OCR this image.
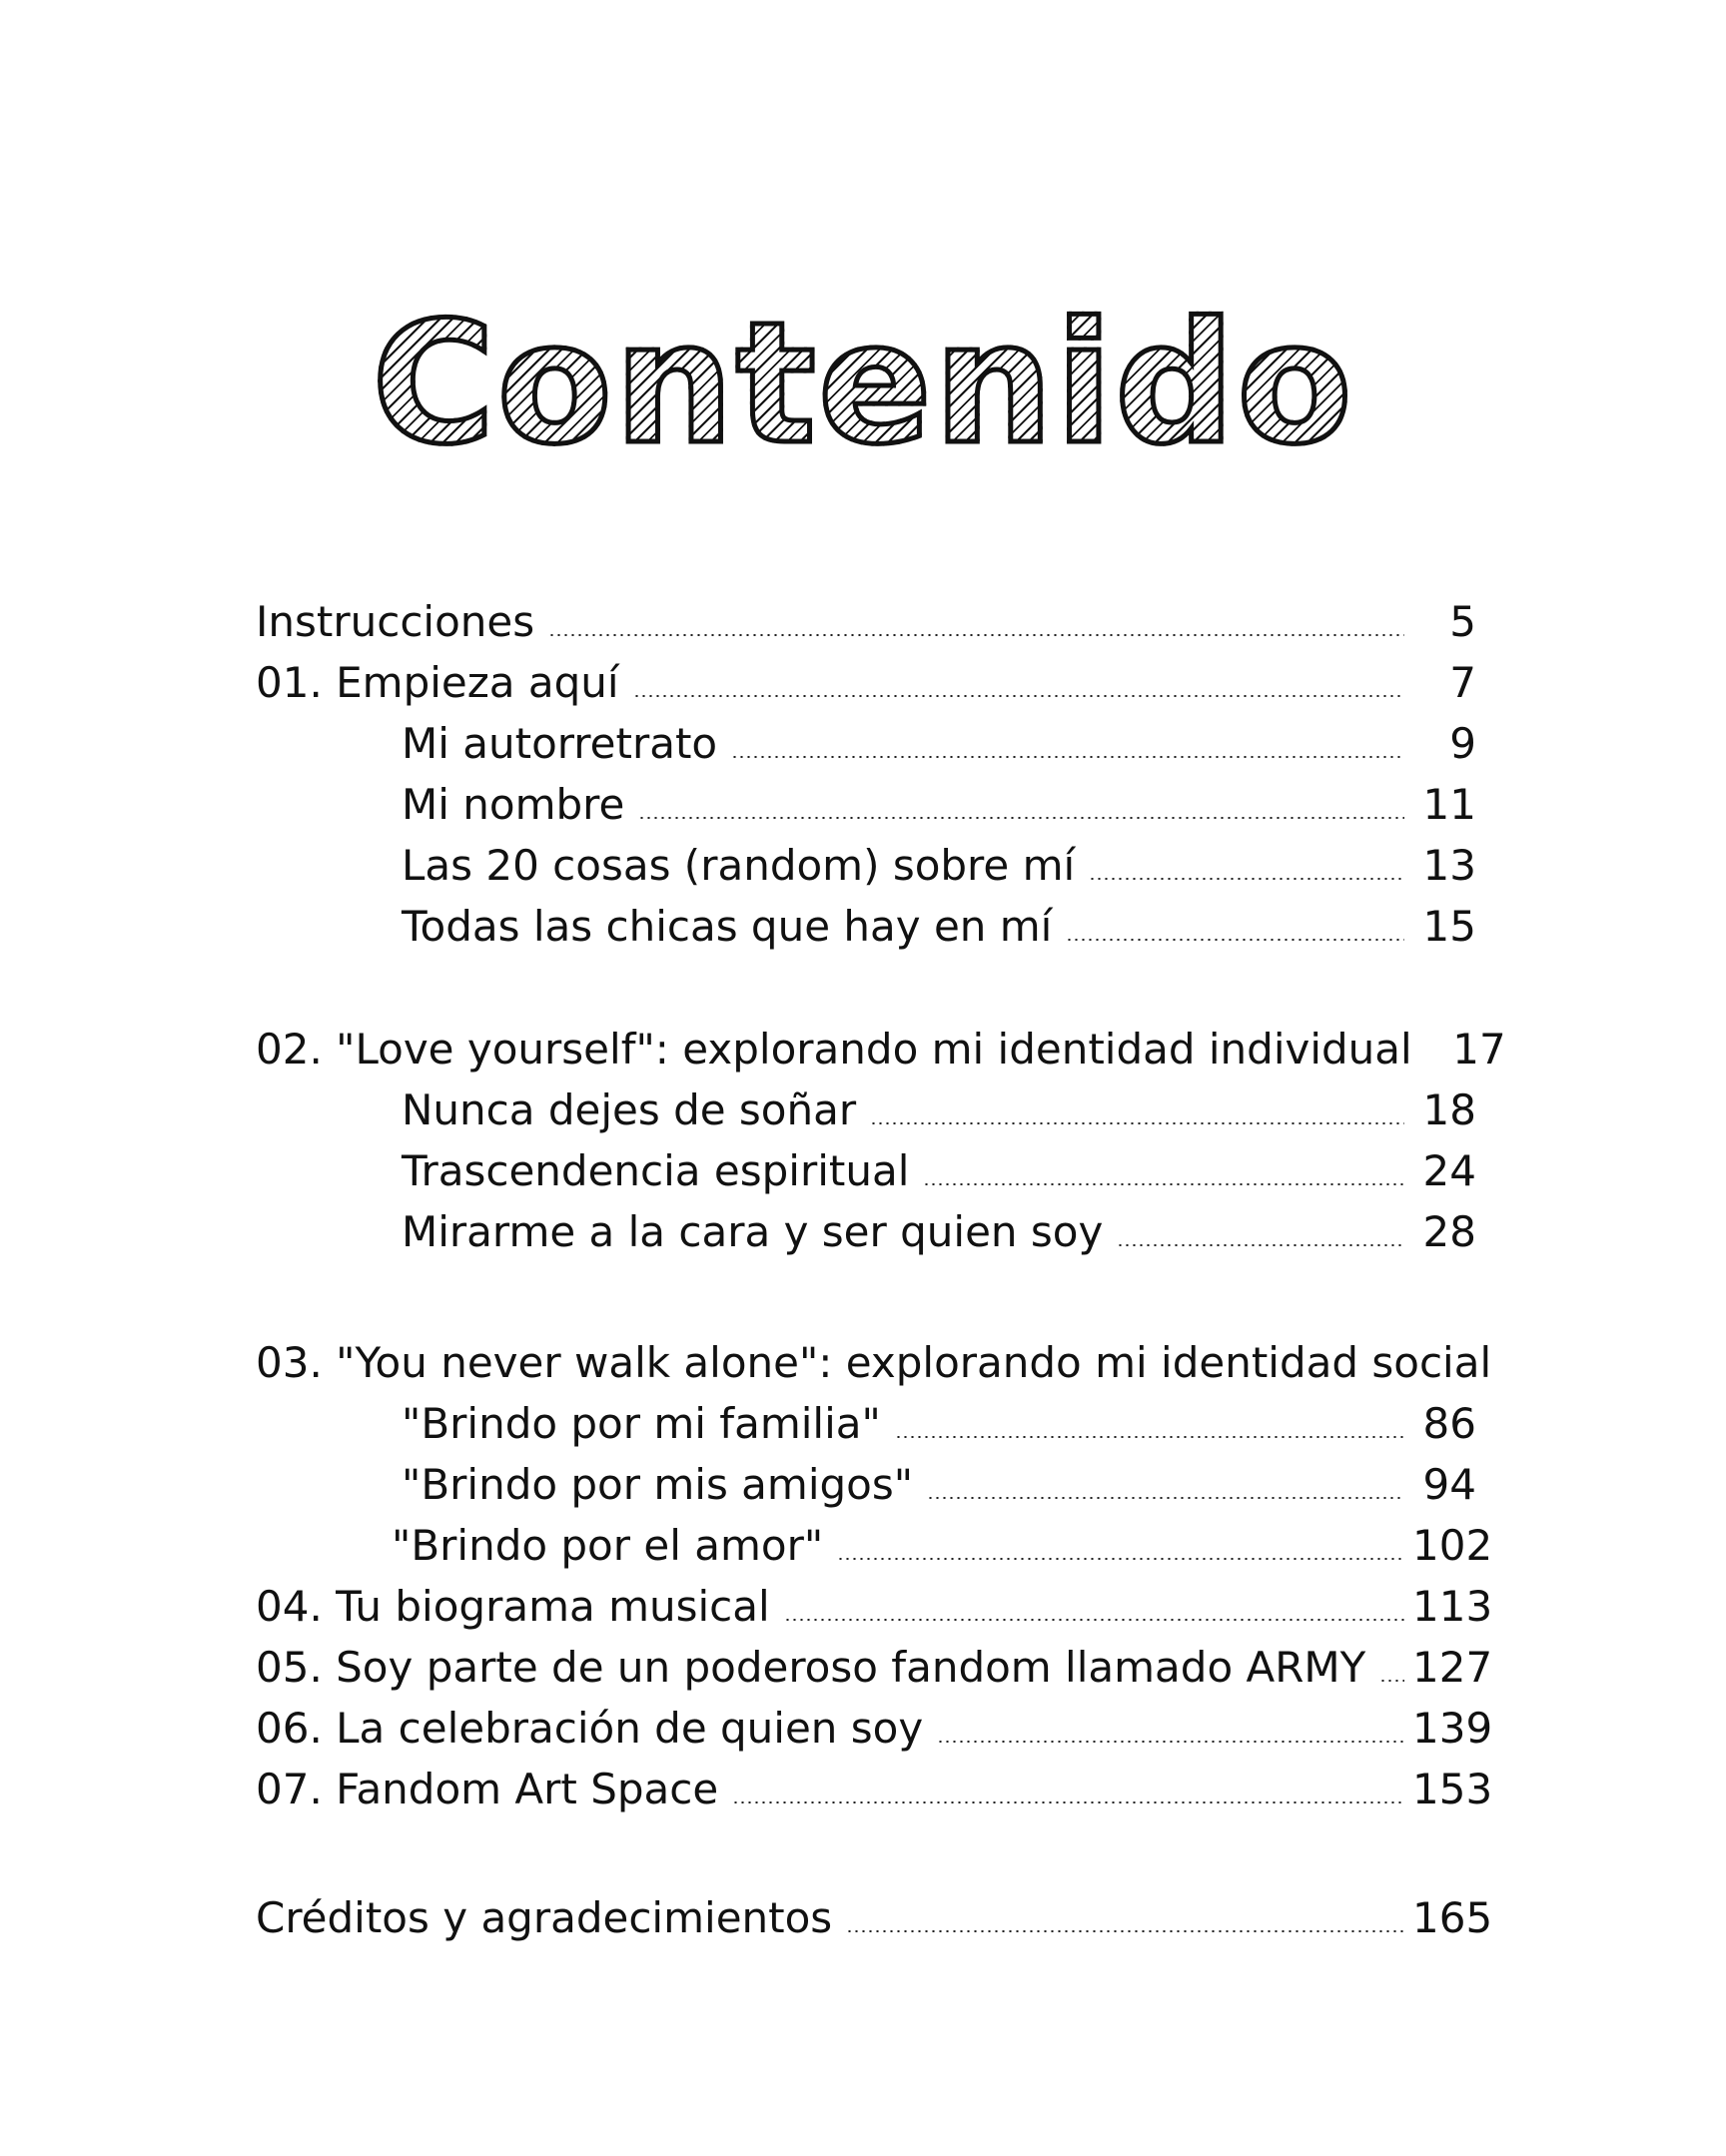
Contenido
Instrucciones	5
01. Empieza aquí	7
Mi autorretrato	9
Mi nombre	11
Las 20 cosas (random) sobre mí	13
Todas las chicas que hay en mí	15
02. "Love yourself": explorando mi identidad individual 17
Nunca dejes de soñar	18
Trascendencia espiritual	24
Mirarme a la cara y ser quien soy	28
03. "You never walk alone": explorando mi identidad social
"Brindo por mi familia"	86
"Brindo por mis amigos"	94
"Brindo por el amor"	102
04. Tu biograma musical	113
05. Soy parte de un poderoso fandom llamado ARMY	127
06. La celebración de quien soy	139
07. Fandom Art Space	153
Créditos y agradecimientos	165
